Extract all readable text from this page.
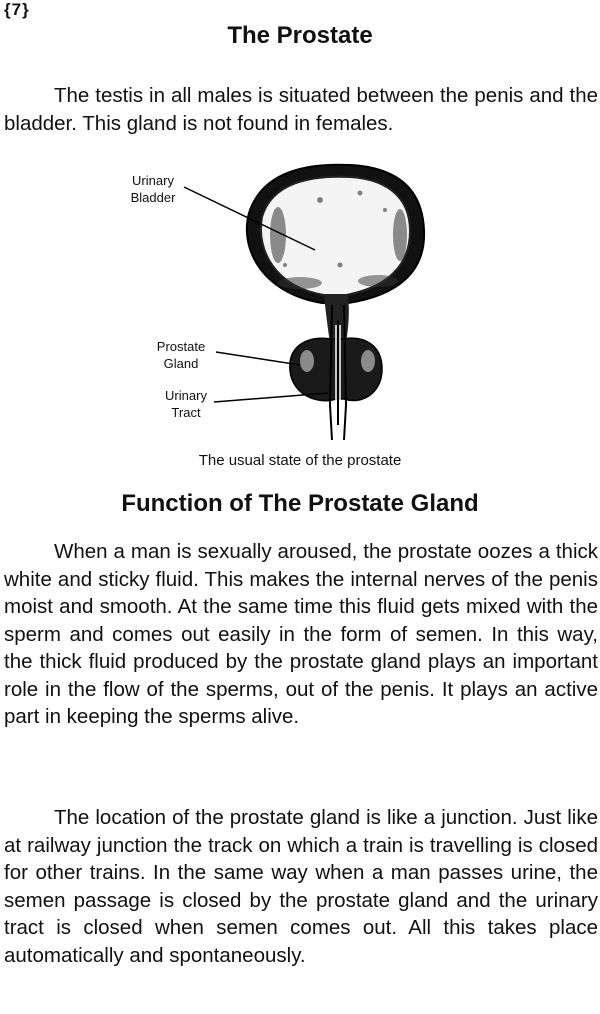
{7}
The Prostate

The testis in all males is situated between the penis and the bladder. This gland is not found in females.

Urinary Bladder

Prostate Gland

Urinary Tract

The usual state of the prostate

Function of The Prostate Gland

When a man is sexually aroused, the prostate oozes a thick white and sticky fluid. This makes the internal nerves of the penis moist and smooth. At the same time this fluid gets mixed with the sperm and comes out easily in the form of semen. In this way, the thick fluid produced by the prostate gland plays an important role in the flow of the sperms, out of the penis. It plays an active part in keeping the sperms alive.

The location of the prostate gland is like a junction. Just like at railway junction the track on which a train is travelling is closed for other trains. In the same way when a man passes urine, the semen passage is closed by the prostate gland and the urinary tract is closed when semen comes out. All this takes place automatically and spontaneously.
